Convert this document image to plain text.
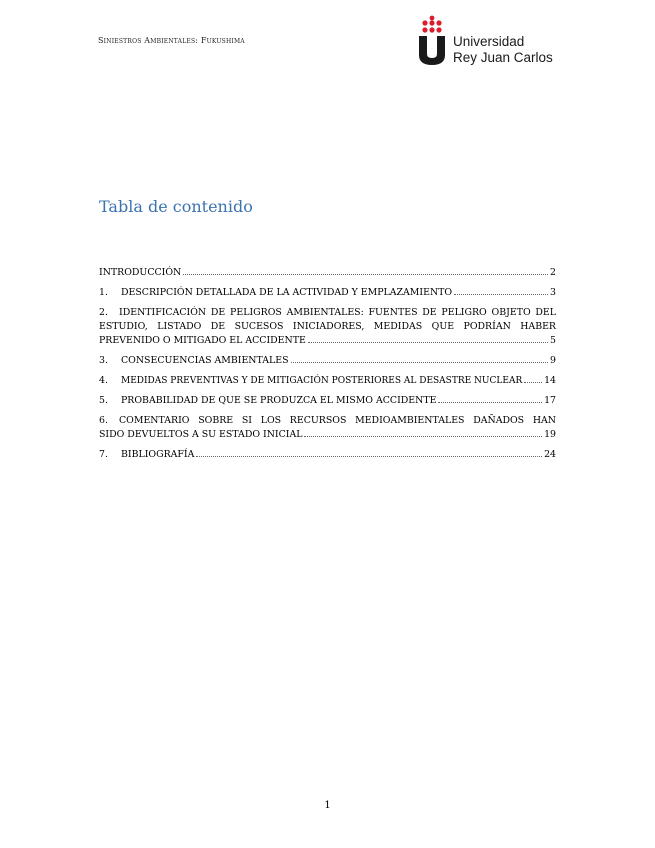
Siniestros Ambientales: Fukushima	Universidad
Rey Juan Carlos
Tabla de contenido
INTRODUCCIÓN	2
1.	DESCRIPCIÓN DETALLADA DE LA ACTIVIDAD Y EMPLAZAMIENTO	3
2. IDENTIFICACIÓN DE PELIGROS AMBIENTALES: FUENTES DE PELIGRO OBJETO DEL ESTUDIO, LISTADO DE SUCESOS INICIADORES, MEDIDAS QUE PODRÍAN HABER
PREVENIDO O MITIGADO EL ACCIDENTE	5
3.	CONSECUENCIAS AMBIENTALES	9
4.	MEDIDAS PREVENTIVAS Y DE MITIGACIÓN POSTERIORES AL DESASTRE NUCLEAR 14
5.	PROBABILIDAD DE QUE SE PRODUZCA EL MISMO ACCIDENTE	17
6. COMENTARIO SOBRE SI LOS RECURSOS MEDIOAMBIENTALES DAÑADOS HAN
SIDO DEVUELTOS A SU ESTADO INICIAL	19
7.	BIBLIOGRAFÍA	24
1
